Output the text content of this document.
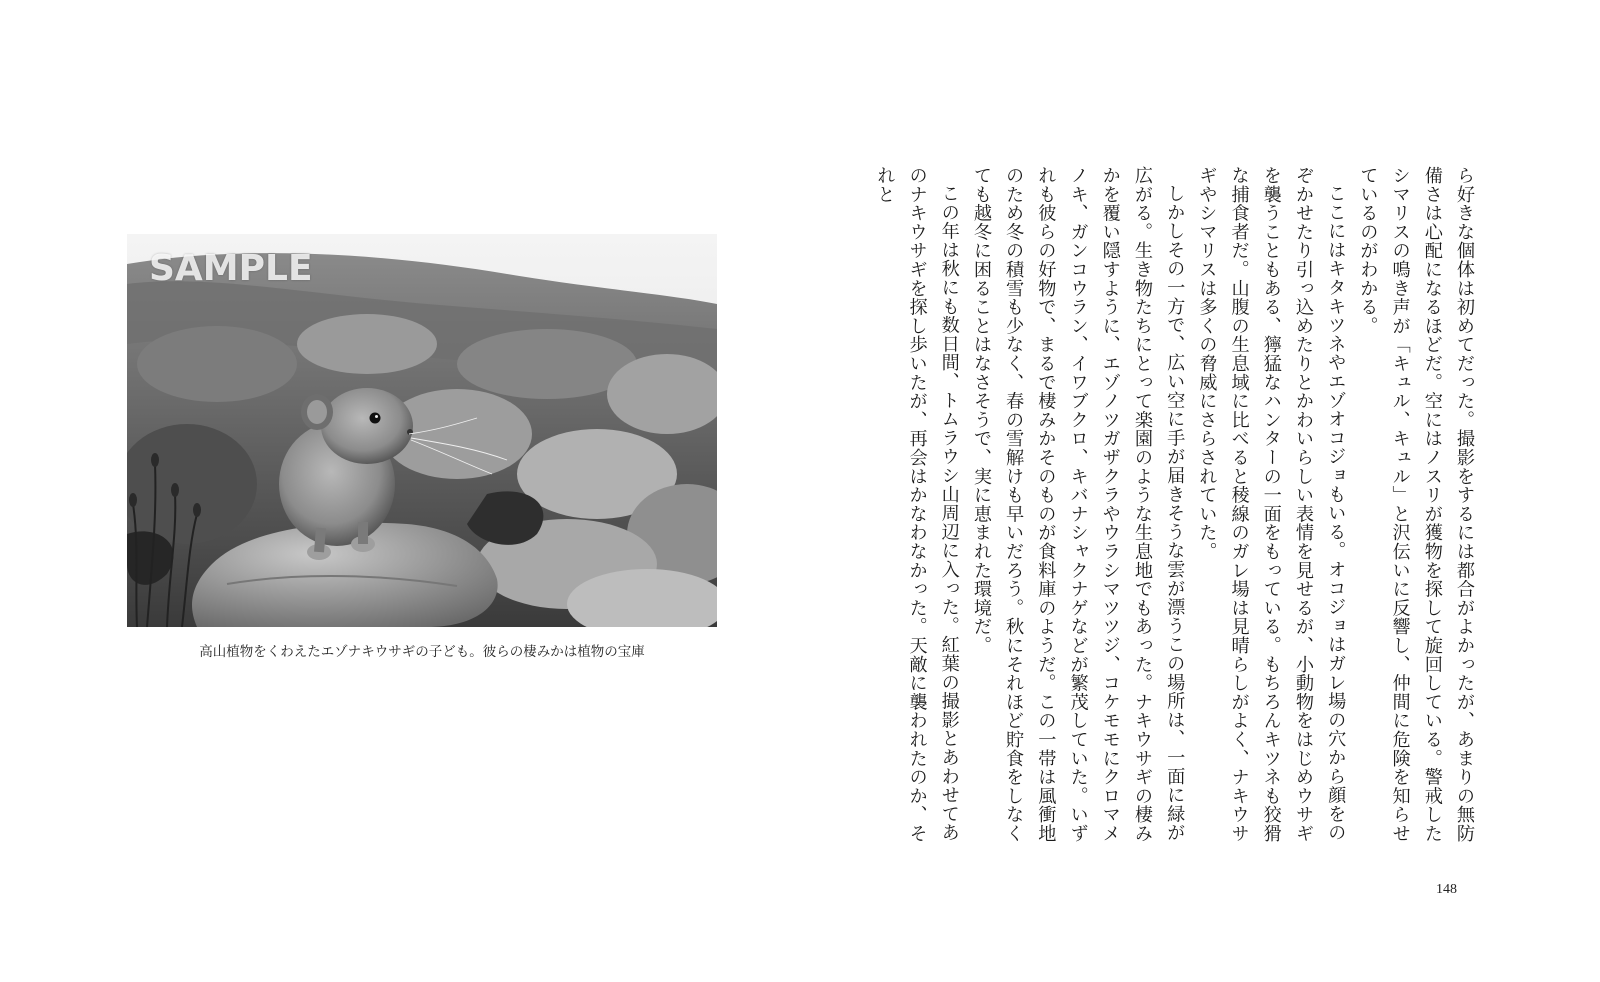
SAMPLE
高山植物をくわえたエゾナキウサギの子ども。彼らの棲みかは植物の宝庫	ら好きな個体は初めてだった。撮影をするには都合がよかったが、あまりの無防備さは心配になるほどだ。空にはノスリが獲物を探して旋回している。警戒したシマリスの鳴き声が「キュル、キュル」と沢伝いに反響し、仲間に危険を知らせているのがわかる。

ここにはキタキツネやエゾオコジョもいる。オコジョはガレ場の穴から顔をのぞかせたり引っ込めたりとかわいらしい表情を見せるが、小動物をはじめウサギを襲うこともある、獰猛なハンターの一面をもっている。もちろんキツネも狡猾な捕食者だ。山腹の生息域に比べると稜線のガレ場は見晴らしがよく、ナキウサギやシマリスは多くの脅威にさらされていた。

しかしその一方で、広い空に手が届きそうな雲が漂うこの場所は、一面に緑が広がる。生き物たちにとって楽園のような生息地でもあった。ナキウサギの棲みかを覆い隠すように、エゾノツガザクラやウラシマツツジ、コケモモにクロマメノキ、ガンコウラン、イワブクロ、キバナシャクナゲなどが繁茂していた。いずれも彼らの好物で、まるで棲みかそのものが食料庫のようだ。この一帯は風衝地のため冬の積雪も少なく、春の雪解けも早いだろう。秋にそれほど貯食をしなくても越冬に困ることはなさそうで、実に恵まれた環境だ。

この年は秋にも数日間、トムラウシ山周辺に入った。紅葉の撮影とあわせてあのナキウサギを探し歩いたが、再会はかなわなかった。天敵に襲われたのか、それと

148
